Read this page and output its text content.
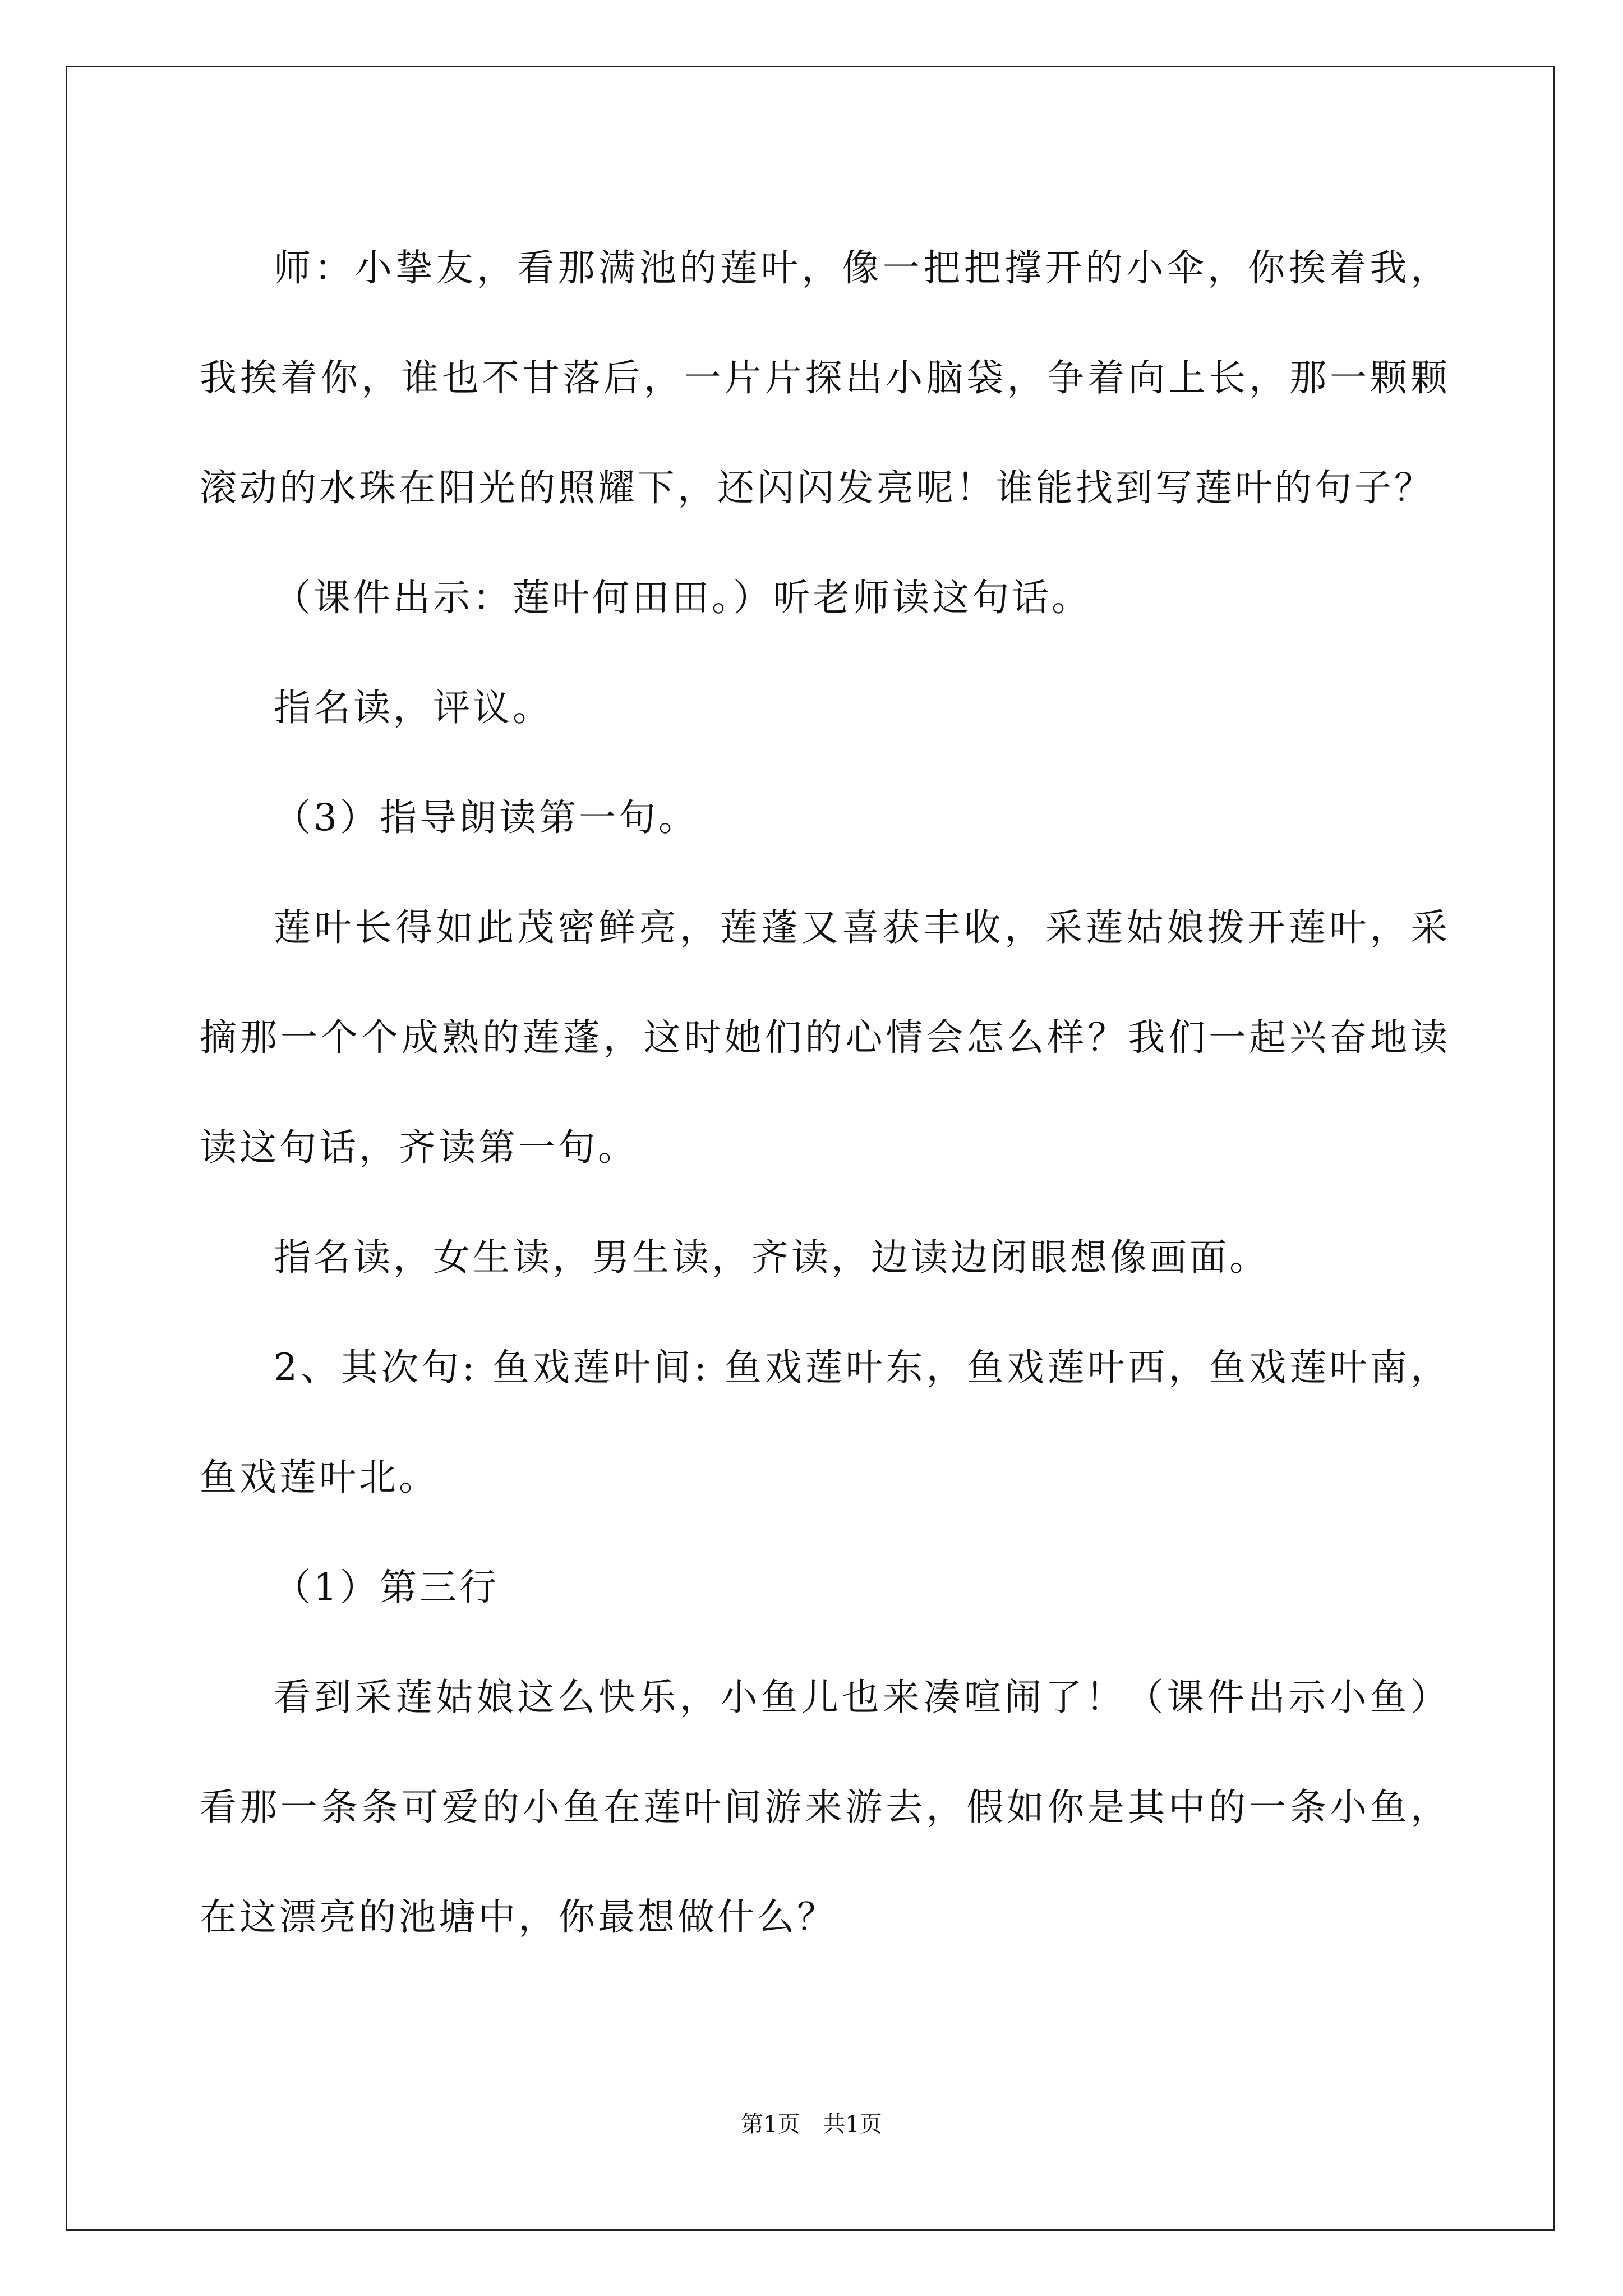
师：小挚友，看那满池的莲叶，像一把把撑开的小伞，你挨着我，我挨着你，谁也不甘落后，一片片探出小脑袋，争着向上长，那一颗颗滚动的水珠在阳光的照耀下，还闪闪发亮呢！谁能找到写莲叶的句子？

（课件出示：莲叶何田田。）听老师读这句话。

指名读，评议。

（3）指导朗读第一句。

莲叶长得如此茂密鲜亮，莲蓬又喜获丰收，采莲姑娘拨开莲叶，采摘那一个个成熟的莲蓬，这时她们的心情会怎么样？我们一起兴奋地读读这句话，齐读第一句。

指名读，女生读，男生读，齐读，边读边闭眼想像画面。

2、其次句: 鱼戏莲叶间: 鱼戏莲叶东，鱼戏莲叶西，鱼戏莲叶南，鱼戏莲叶北。

（1）第三行

看到采莲姑娘这么快乐，小鱼儿也来凑喧闹了！（课件出示小鱼）看那一条条可爱的小鱼在莲叶间游来游去，假如你是其中的一条小鱼，在这漂亮的池塘中，你最想做什么？

第1页 共1页
